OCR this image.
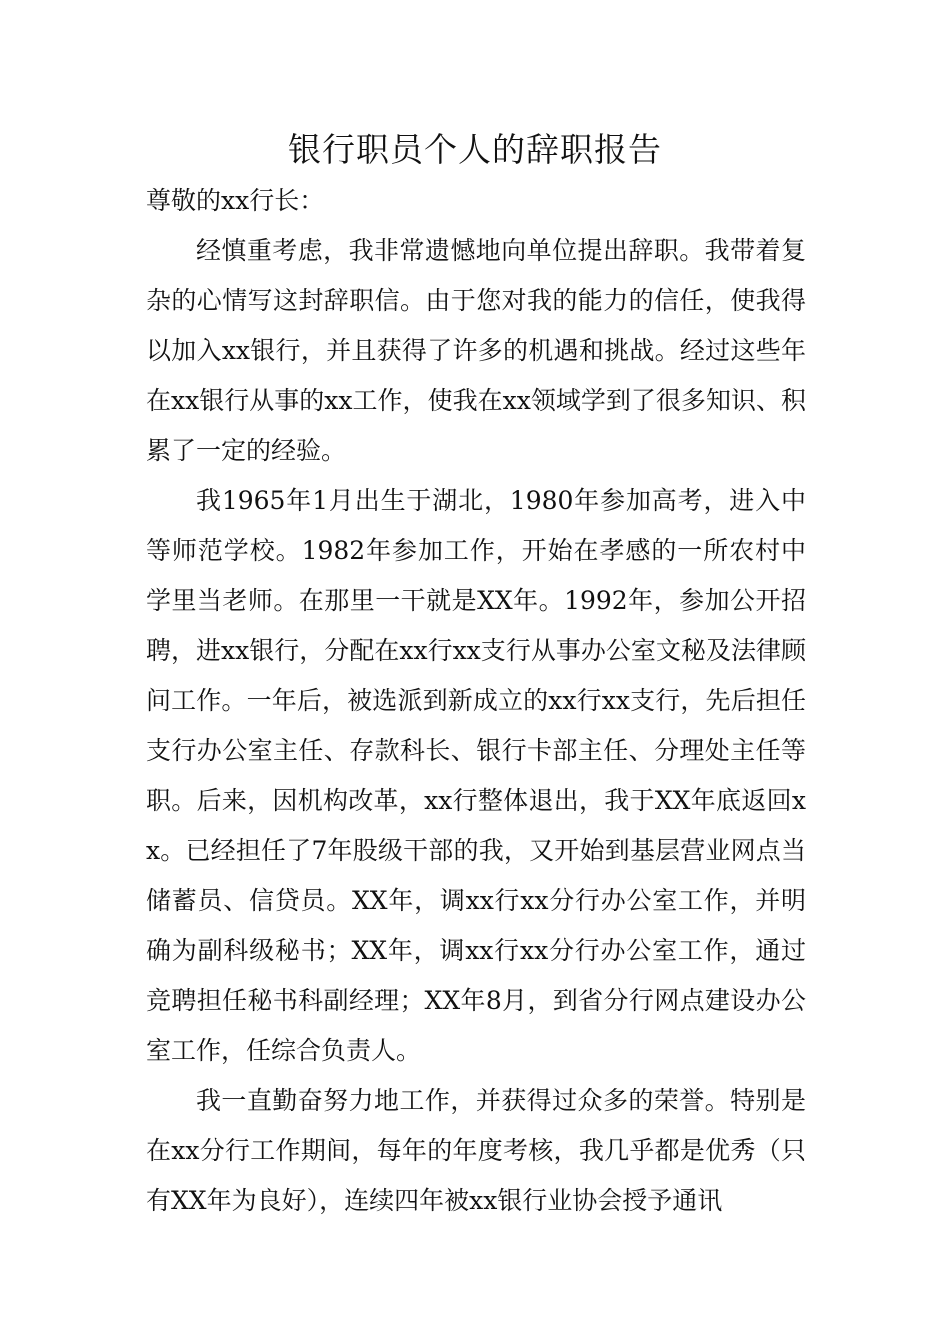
银行职员个人的辞职报告

尊敬的xx行长：

经慎重考虑，我非常遗憾地向单位提出辞职。我带着复杂的心情写这封辞职信。由于您对我的能力的信任，使我得以加入xx银行，并且获得了许多的机遇和挑战。经过这些年在xx银行从事的xx工作，使我在xx领域学到了很多知识、积累了一定的经验。

我1965年1月出生于湖北，1980年参加高考，进入中等师范学校。1982年参加工作，开始在孝感的一所农村中学里当老师。在那里一干就是XX年。1992年，参加公开招聘，进xx银行，分配在xx行xx支行从事办公室文秘及法律顾问工作。一年后，被选派到新成立的xx行xx支行，先后担任支行办公室主任、存款科长、银行卡部主任、分理处主任等职。后来，因机构改革，xx行整体退出，我于XX年底返回xx。已经担任了7年股级干部的我，又开始到基层营业网点当储蓄员、信贷员。XX年，调xx行xx分行办公室工作，并明确为副科级秘书；XX年，调xx行xx分行办公室工作，通过竞聘担任秘书科副经理；XX年8月，到省分行网点建设办公室工作，任综合负责人。

我一直勤奋努力地工作，并获得过众多的荣誉。特别是在xx分行工作期间，每年的年度考核，我几乎都是优秀（只有XX年为良好），连续四年被xx银行业协会授予通讯
